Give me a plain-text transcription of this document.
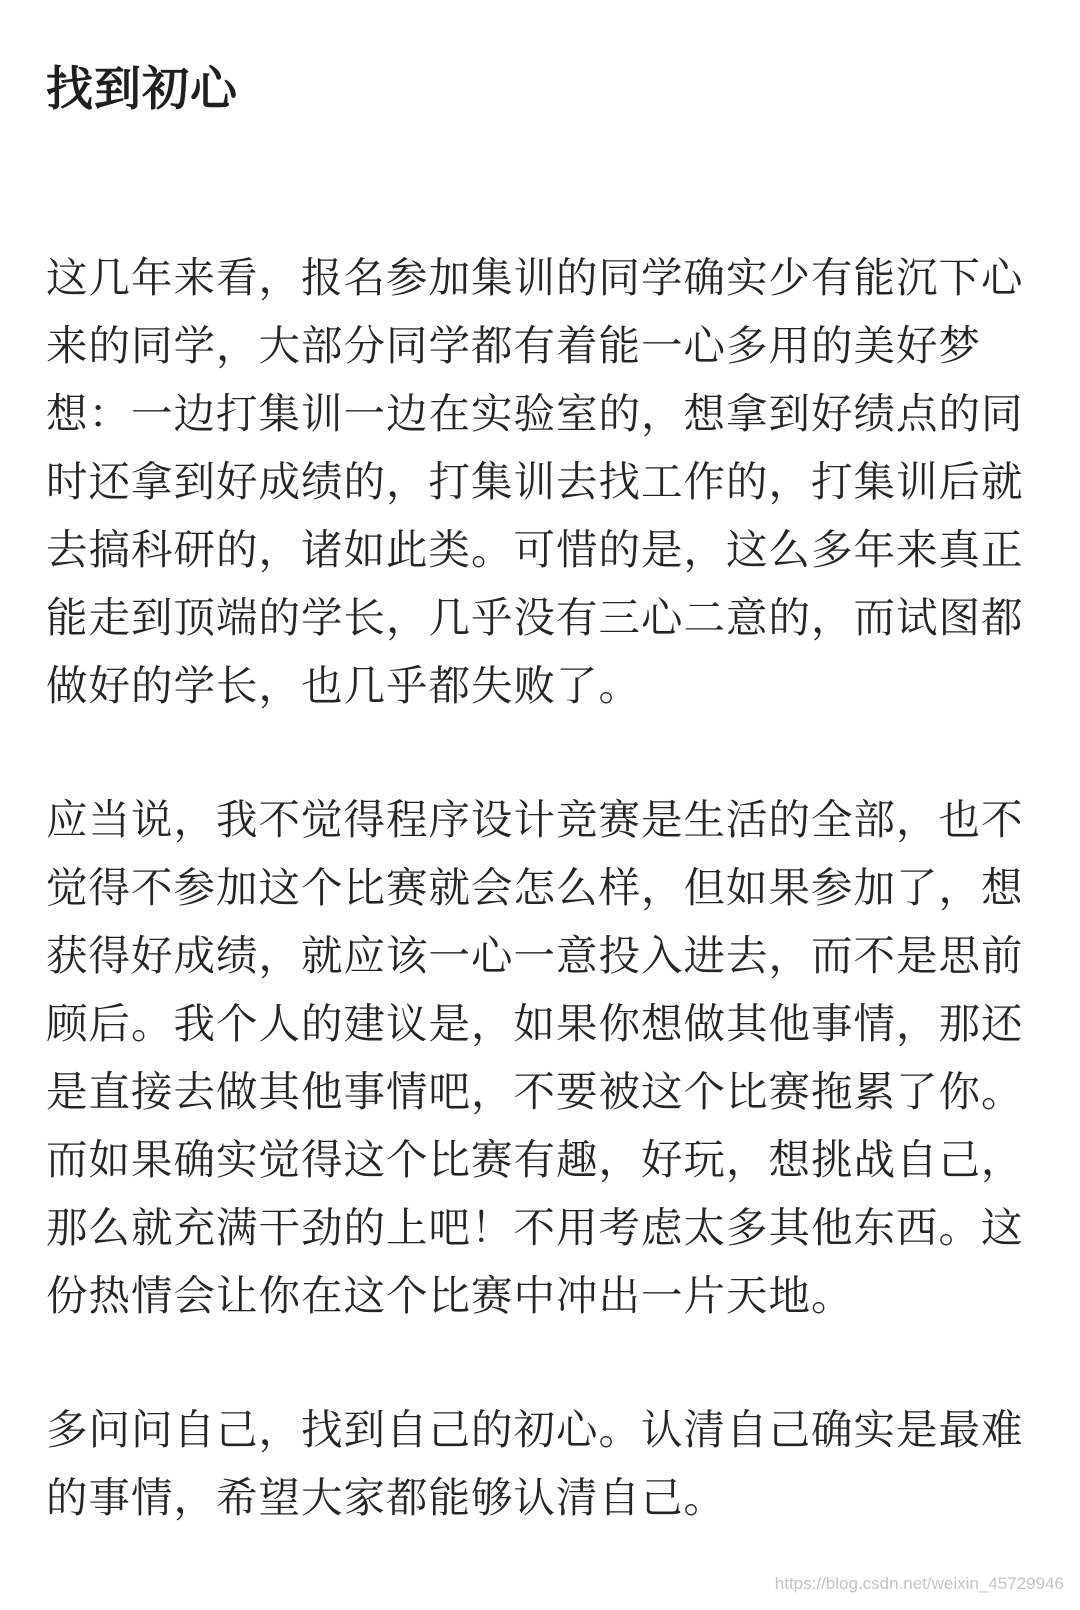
找到初心

这几年来看，报名参加集训的同学确实少有能沉下心来的同学，大部分同学都有着能一心多用的美好梦想：一边打集训一边在实验室的，想拿到好绩点的同时还拿到好成绩的，打集训去找工作的，打集训后就去搞科研的，诸如此类。可惜的是，这么多年来真正能走到顶端的学长，几乎没有三心二意的，而试图都做好的学长，也几乎都失败了。

应当说，我不觉得程序设计竞赛是生活的全部，也不觉得不参加这个比赛就会怎么样，但如果参加了，想获得好成绩，就应该一心一意投入进去，而不是思前顾后。我个人的建议是，如果你想做其他事情，那还是直接去做其他事情吧，不要被这个比赛拖累了你。而如果确实觉得这个比赛有趣，好玩，想挑战自己，那么就充满干劲的上吧！不用考虑太多其他东西。这份热情会让你在这个比赛中冲出一片天地。

多问问自己，找到自己的初心。认清自己确实是最难的事情，希望大家都能够认清自己。

https://blog.csdn.net/weixin_45729946
